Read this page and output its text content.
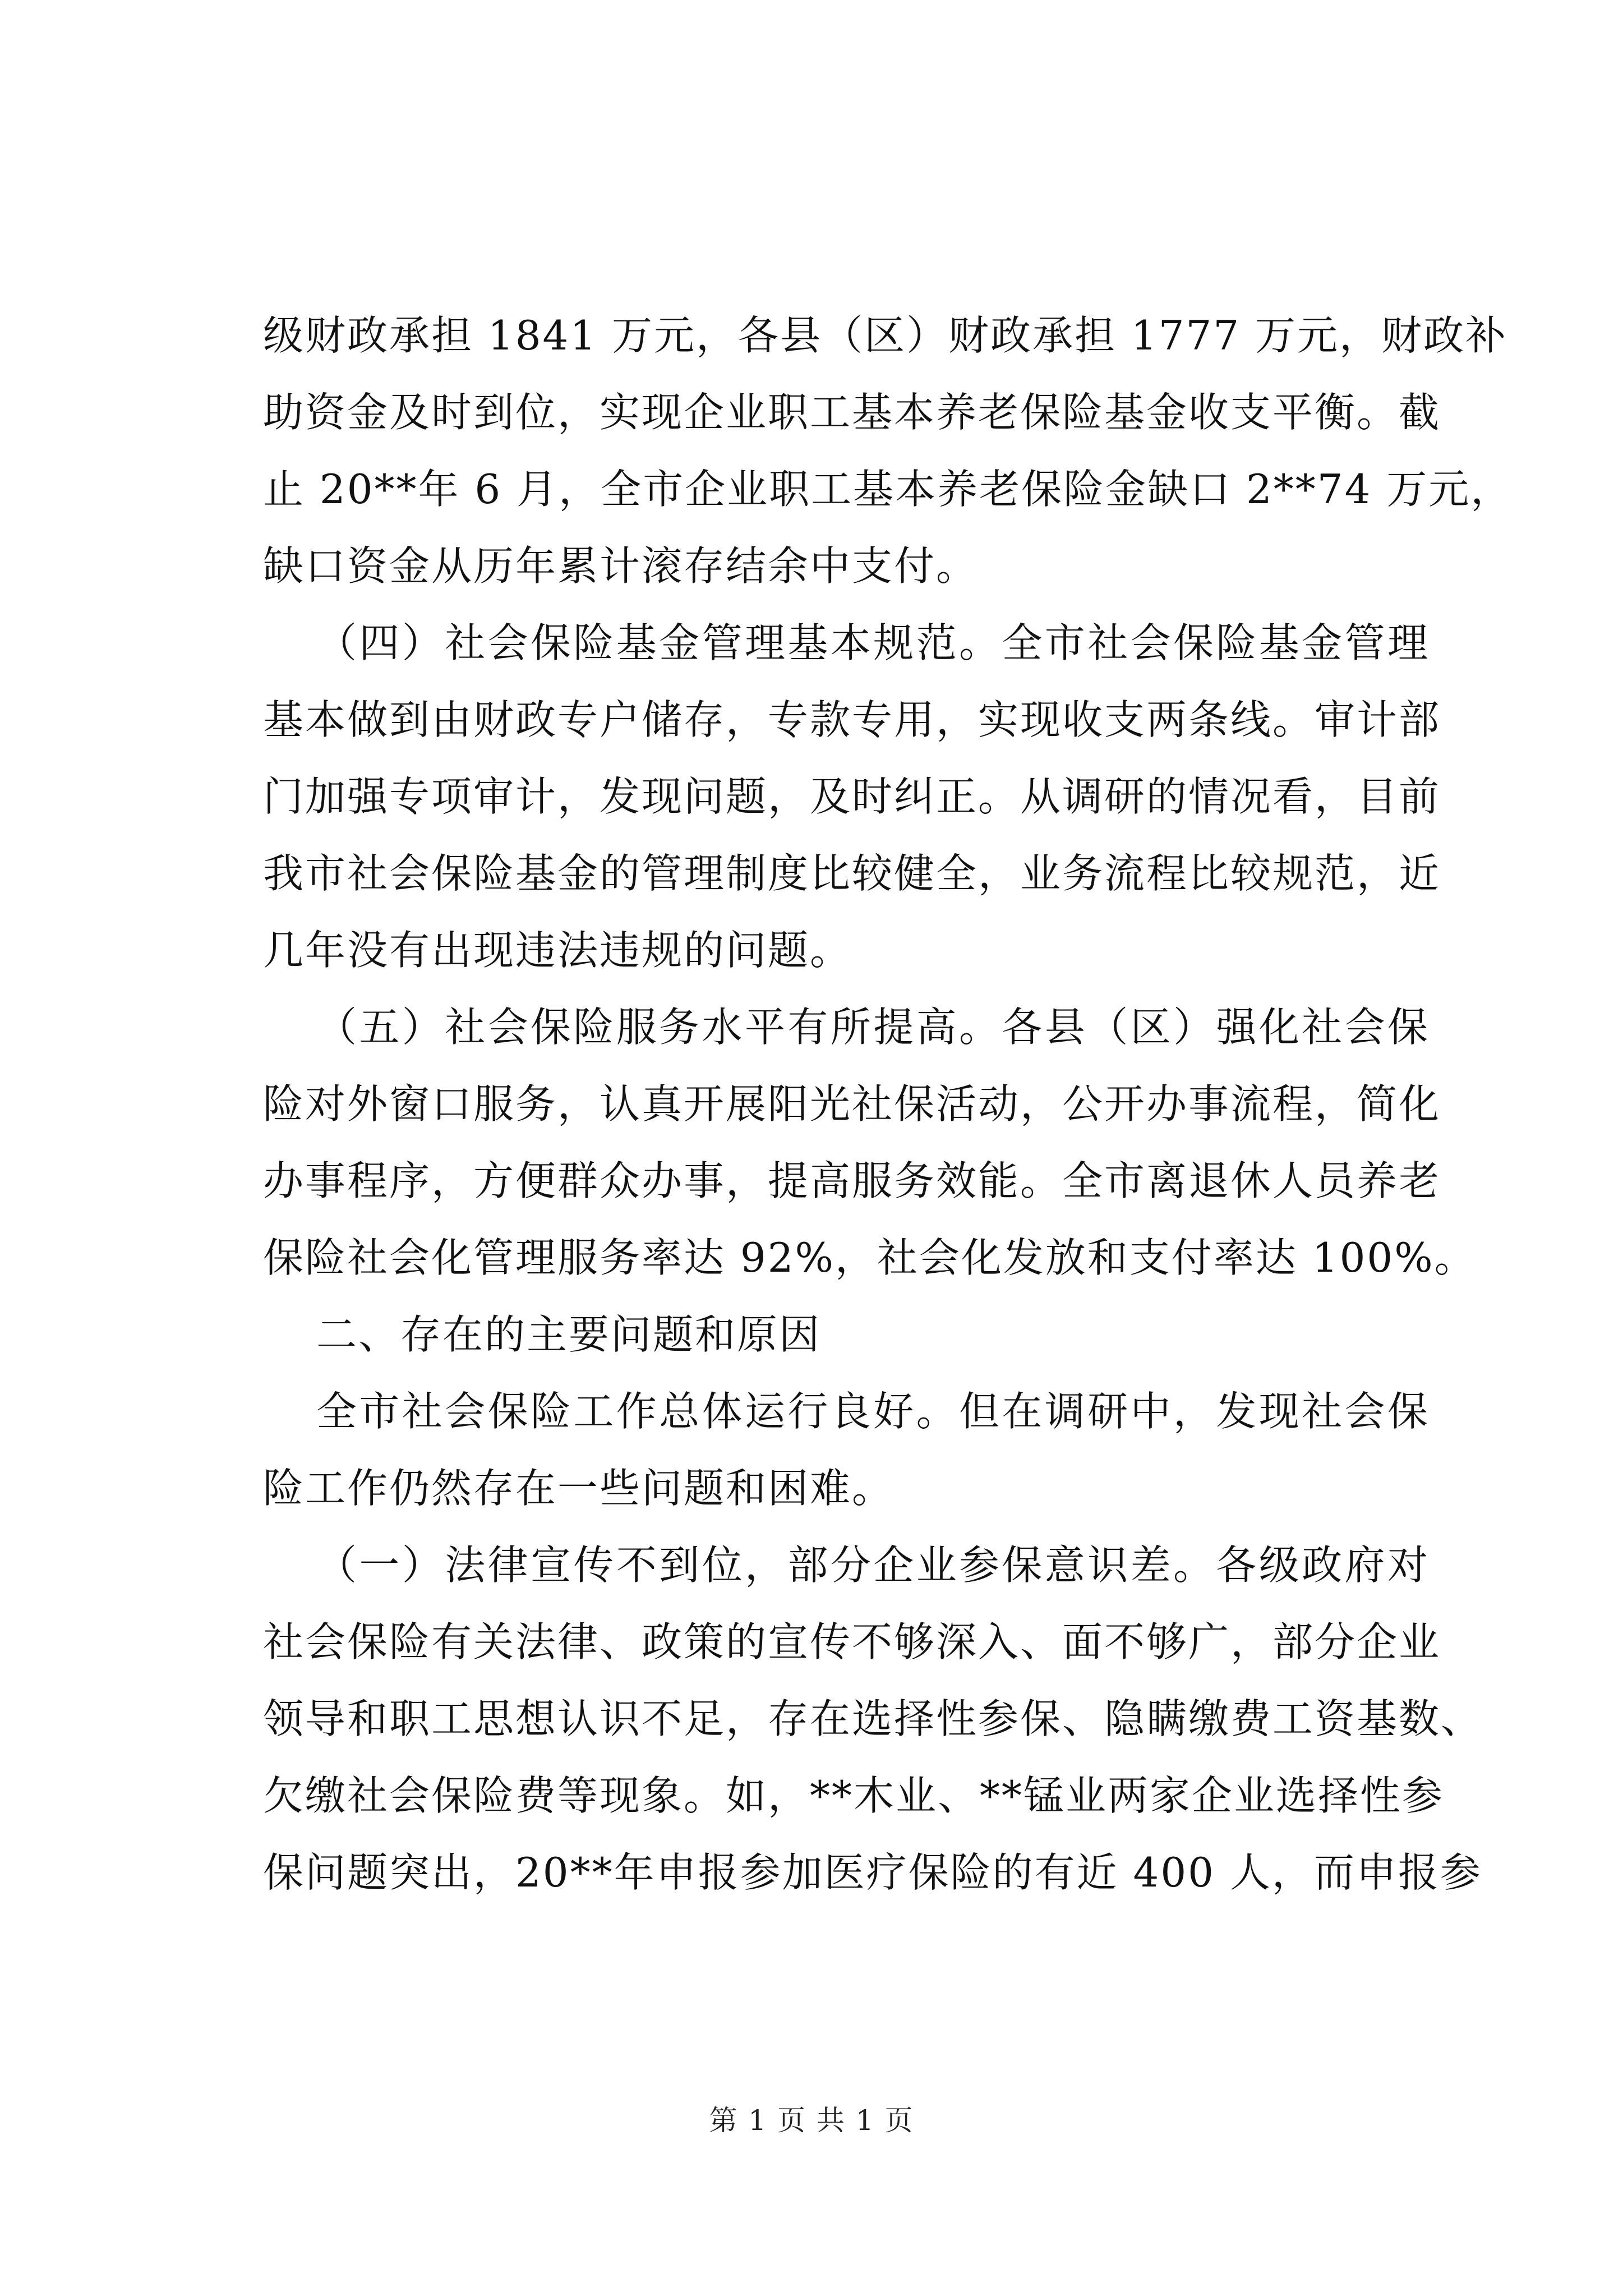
级财政承担 1841 万元，各县（区）财政承担 1777 万元，财政补
助资金及时到位，实现企业职工基本养老保险基金收支平衡。截
止 20**年 6 月，全市企业职工基本养老保险金缺口 2**74 万元，
缺口资金从历年累计滚存结余中支付。
（四）社会保险基金管理基本规范。全市社会保险基金管理
基本做到由财政专户储存，专款专用，实现收支两条线。审计部
门加强专项审计，发现问题，及时纠正。从调研的情况看，目前
我市社会保险基金的管理制度比较健全，业务流程比较规范，近
几年没有出现违法违规的问题。
（五）社会保险服务水平有所提高。各县（区）强化社会保
险对外窗口服务，认真开展阳光社保活动，公开办事流程，简化
办事程序，方便群众办事，提高服务效能。全市离退休人员养老
保险社会化管理服务率达 92%，社会化发放和支付率达 100%。
二、存在的主要问题和原因
全市社会保险工作总体运行良好。但在调研中，发现社会保
险工作仍然存在一些问题和困难。
（一）法律宣传不到位，部分企业参保意识差。各级政府对
社会保险有关法律、政策的宣传不够深入、面不够广，部分企业
领导和职工思想认识不足，存在选择性参保、隐瞒缴费工资基数、
欠缴社会保险费等现象。如，**木业、**锰业两家企业选择性参
保问题突出，20**年申报参加医疗保险的有近 400 人，而申报参
第 1 页 共 1 页
